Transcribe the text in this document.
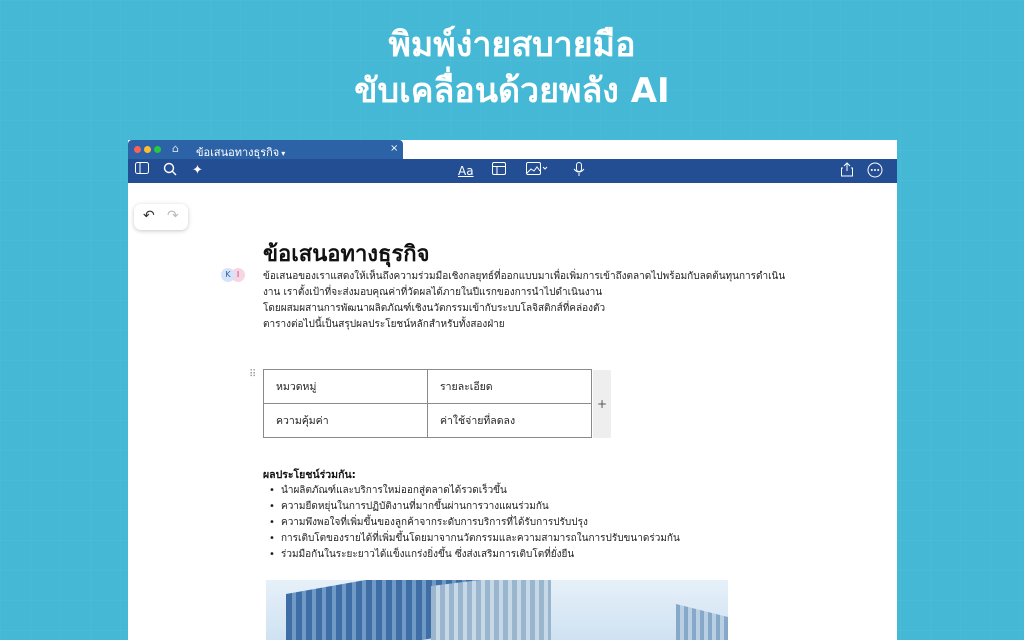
พิมพ์ง่ายสบายมือ
ขับเคลื่อนด้วยพลัง AI
⌂ ข้อเสนอทางธุรกิจ ▾	×
✦	Aa
↶ ↷
ข้อเสนอทางธุรกิจ
I
K	ข้อเสนอของเราแสดงให้เห็นถึงความร่วมมือเชิงกลยุทธ์ที่ออกแบบมาเพื่อเพิ่มการเข้าถึงตลาดไปพร้อมกับลดต้นทุนการดำเนิน
งาน เราตั้งเป้าที่จะส่งมอบคุณค่าที่วัดผลได้ภายในปีแรกของการนำไปดำเนินงาน
โดยผสมผสานการพัฒนาผลิตภัณฑ์เชิงนวัตกรรมเข้ากับระบบโลจิสติกส์ที่คล่องตัว
ตารางต่อไปนี้เป็นสรุปผลประโยชน์หลักสำหรับทั้งสองฝ่าย
⠿
หมวดหมู่	รายละเอียด
ความคุ้มค่า	ค่าใช้จ่ายที่ลดลง
+
ผลประโยชน์ร่วมกัน:
• นำผลิตภัณฑ์และบริการใหม่ออกสู่ตลาดได้รวดเร็วขึ้น
• ความยืดหยุ่นในการปฏิบัติงานที่มากขึ้นผ่านการวางแผนร่วมกัน
• ความพึงพอใจที่เพิ่มขึ้นของลูกค้าจากระดับการบริการที่ได้รับการปรับปรุง
• การเติบโตของรายได้ที่เพิ่มขึ้นโดยมาจากนวัตกรรมและความสามารถในการปรับขนาดร่วมกัน
• ร่วมมือกันในระยะยาวได้แข็งแกร่งยิ่งขึ้น ซึ่งส่งเสริมการเติบโตที่ยั่งยืน
